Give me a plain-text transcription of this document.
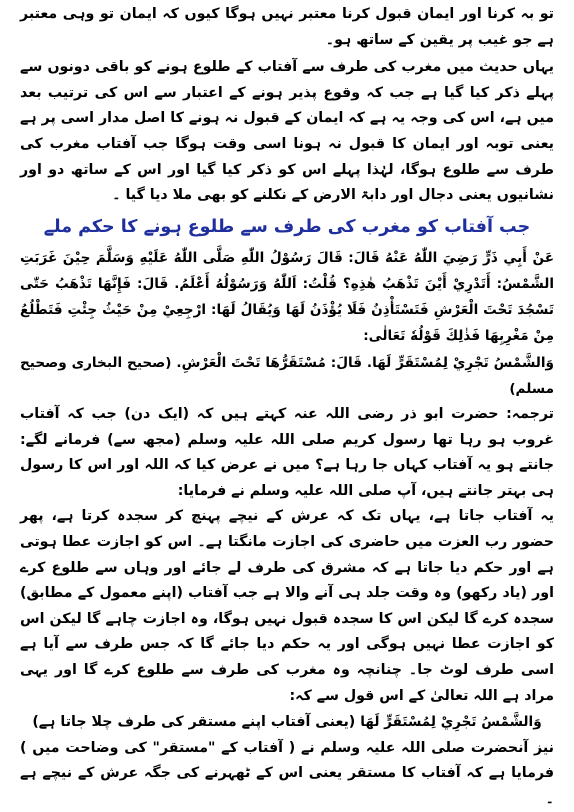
تو بہ کرنا اور ایمان قبول کرنا معتبر نہیں ہوگا کیوں کہ ایمان تو وہی معتبر ہے جو غیب پر یقین کے ساتھ ہو۔

یہاں حدیث میں مغرب کی طرف سے آفتاب کے طلوع ہونے کو باقی دونوں سے پہلے ذکر کیا گیا ہے جب کہ وقوع پذیر ہونے کے اعتبار سے اس کی ترتیب بعد میں ہے، اس کی وجہ یہ ہے کہ ایمان کے قبول نہ ہونے کا اصل مدار اسی پر ہے یعنی توبہ اور ایمان کا قبول نہ ہونا اسی وقت ہوگا جب آفتاب مغرب کی طرف سے طلوع ہوگا، لہٰذا پہلے اس کو ذکر کیا گیا اور اس کے ساتھ دو اور نشانیوں یعنی دجال اور دابۃ الارض کے نکلنے کو بھی ملا دیا گیا ۔

جب آفتاب کو مغرب کی طرف سے طلوع ہونے کا حکم ملے

عَنْ أَبِي ذَرٍّ رَضِيَ اللّٰهُ عَنْهُ قَالَ: قَالَ رَسُوْلُ اللّٰهِ صَلَّى اللّٰهُ عَلَيْهِ وَسَلَّمَ حِيْنَ غَرَبَتِ الشَّمْسُ: أَتَدْرِيْ أَيْنَ تَذْهَبُ هٰذِهِ؟ قُلْتُ: اَللّٰهُ وَرَسُوْلُهُ أَعْلَمُ. قَالَ: فَإِنَّهَا تَذْهَبُ حَتّٰى تَسْجُدَ تَحْتَ الْعَرْشِ فَتَسْتَأْذِنُ فَلَا يُؤْذَنُ لَهَا وَيُقَالُ لَهَا: ارْجِعِيْ مِنْ حَيْثُ جِئْتِ فَتَطْلُعُ مِنْ مَغْرِبِهَا فَذٰلِكَ قَوْلُهٗ تَعَالٰى:

وَالشَّمْسُ تَجْرِيْ لِمُسْتَقَرٍّ لَهَا. قَالَ: مُسْتَقَرُّهَا تَحْتَ الْعَرْشِ. (صحيح البخاری وصحيح مسلم)

ترجمہ: حضرت ابو ذر رضی اللہ عنہ کہتے ہیں کہ (ایک دن) جب کہ آفتاب غروب ہو رہا تھا رسول کریم صلی اللہ علیہ وسلم (مجھ سے) فرمانے لگے: جانتے ہو یہ آفتاب کہاں جا رہا ہے؟ میں نے عرض کیا کہ اللہ اور اس کا رسول ہی بہتر جانتے ہیں، آپ صلی اللہ علیہ وسلم نے فرمایا:

یہ آفتاب جاتا ہے، یہاں تک کہ عرش کے نیچے پہنچ کر سجدہ کرتا ہے، پھر حضور رب العزت میں حاضری کی اجازت مانگتا ہے۔ اس کو اجازت عطا ہوتی ہے اور حکم دیا جاتا ہے کہ مشرق کی طرف لے جائے اور وہاں سے طلوع کرے اور (یاد رکھو) وہ وقت جلد ہی آنے والا ہے جب آفتاب (اپنے معمول کے مطابق) سجدہ کرے گا لیکن اس کا سجدہ قبول نہیں ہوگا، وہ اجازت چاہے گا لیکن اس کو اجازت عطا نہیں ہوگی اور یہ حکم دیا جائے گا کہ جس طرف سے آیا ہے اسی طرف لوٹ جا۔ چنانچہ وہ مغرب کی طرف سے طلوع کرے گا اور یہی مراد ہے اللہ تعالیٰ کے اس قول سے کہ:

وَالشَّمْسُ تَجْرِيْ لِمُسْتَقَرٍّ لَهَا (یعنی آفتاب اپنے مستقر کی طرف چلا جاتا ہے)

نیز آنحضرت صلی اللہ علیہ وسلم نے ( آفتاب کے "مستقر" کی وضاحت میں ) فرمایا ہے کہ آفتاب کا مستقر یعنی اس کے ٹھہرنے کی جگہ عرش کے نیچے ہے ۔
